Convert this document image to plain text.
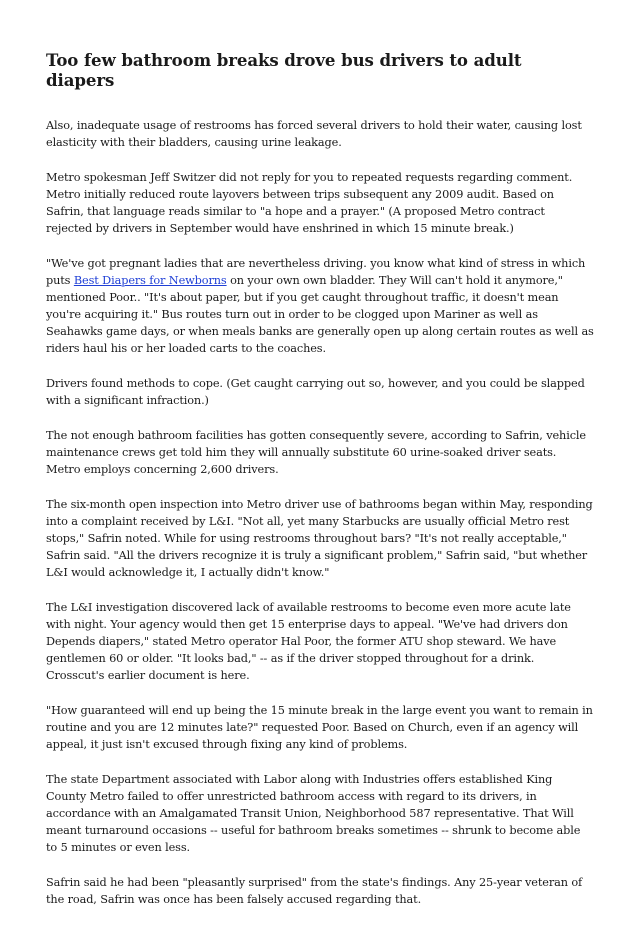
Too few bathroom breaks drove bus drivers to adult diapers

Also, inadequate usage of restrooms has forced several drivers to hold their water, causing lost elasticity with their bladders, causing urine leakage.

Metro spokesman Jeff Switzer did not reply for you to repeated requests regarding comment. Metro initially reduced route layovers between trips subsequent any 2009 audit. Based on Safrin, that language reads similar to "a hope and a prayer." (A proposed Metro contract rejected by drivers in September would have enshrined in which 15 minute break.)

"We've got pregnant ladies that are nevertheless driving. you know what kind of stress in which puts Best Diapers for Newborns on your own own bladder. They Will can't hold it anymore," mentioned Poor.. "It's about paper, but if you get caught throughout traffic, it doesn't mean you're acquiring it." Bus routes turn out in order to be clogged upon Mariner as well as Seahawks game days, or when meals banks are generally open up along certain routes as well as riders haul his or her loaded carts to the coaches.

Drivers found methods to cope. (Get caught carrying out so, however, and you could be slapped with a significant infraction.)

The not enough bathroom facilities has gotten consequently severe, according to Safrin, vehicle maintenance crews get told him they will annually substitute 60 urine-soaked driver seats. Metro employs concerning 2,600 drivers.

The six-month open inspection into Metro driver use of bathrooms began within May, responding into a complaint received by L&I. "Not all, yet many Starbucks are usually official Metro rest stops," Safrin noted. While for using restrooms throughout bars? "It's not really acceptable," Safrin said. "All the drivers recognize it is truly a significant problem," Safrin said, "but whether L&I would acknowledge it, I actually didn't know."

The L&I investigation discovered lack of available restrooms to become even more acute late with night. Your agency would then get 15 enterprise days to appeal. "We've had drivers don Depends diapers," stated Metro operator Hal Poor, the former ATU shop steward. We have gentlemen 60 or older. "It looks bad," -- as if the driver stopped throughout for a drink. Crosscut's earlier document is here.

"How guaranteed will end up being the 15 minute break in the large event you want to remain in routine and you are 12 minutes late?" requested Poor. Based on Church, even if an agency will appeal, it just isn't excused through fixing any kind of problems.

The state Department associated with Labor along with Industries offers established King County Metro failed to offer unrestricted bathroom access with regard to its drivers, in accordance with an Amalgamated Transit Union, Neighborhood 587 representative. That Will meant turnaround occasions -- useful for bathroom breaks sometimes -- shrunk to become able to 5 minutes or even less.

Safrin said he had been "pleasantly surprised" from the state's findings. Any 25-year veteran of the road, Safrin was once has been falsely accused regarding that.
